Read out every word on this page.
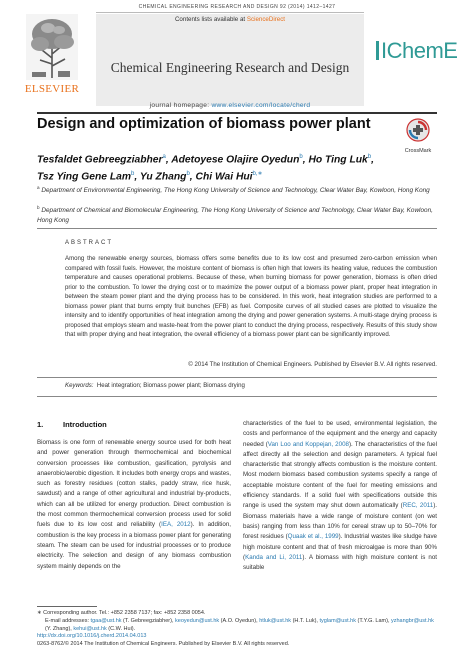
CHEMICAL ENGINEERING RESEARCH AND DESIGN 92 (2014) 1412–1427
ELSEVIER
Contents lists available at ScienceDirect
Chemical Engineering Research and Design
journal homepage: www.elsevier.com/locate/cherd
IChemE
Design and optimization of biomass power plant
CrossMark
Tesfaldet Gebreegziabher$^a$, Adetoyese Olajire Oyedun$^b$, Ho Ting Luk$^b$,
Tsz Ying Gene Lam$^b$, Yu Zhang$^b$, Chi Wai Hui$^{b,∗}$
$^a$ Department of Environmental Engineering, The Hong Kong University of Science and Technology, Clear Water Bay, Kowloon, Hong Kong
$^b$ Department of Chemical and Biomolecular Engineering, The Hong Kong University of Science and Technology, Clear Water Bay, Kowloon, Hong Kong
ABSTRACT
Among the renewable energy sources, biomass offers some benefits due to its low cost and presumed zero-carbon emission when compared with fossil fuels. However, the moisture content of biomass is often high that lowers its heating value, reduces the combustion temperature and causes operational problems. Because of these, when burning biomass for power generation, biomass is often dried prior to the combustion. To lower the drying cost or to maximize the power output of a biomass power plant, proper heat integration in between the steam power plant and the drying process has to be considered. In this work, heat integration studies are performed to a biomass power plant that burns empty fruit bunches (EFB) as fuel. Composite curves of all studied cases are plotted to visualize the intensity and to identify opportunities of heat integration among the drying and power generation systems. A multi-stage drying process is proposed that employs steam and waste-heat from the power plant to conduct the drying process, respectively. Results of this study show that with proper drying and heat integration, the overall efficiency of a biomass power plant can be significantly improved.
© 2014 The Institution of Chemical Engineers. Published by Elsevier B.V. All rights reserved.
Keywords: Heat integration; Biomass power plant; Biomass drying
1.	Introduction
Biomass is one form of renewable energy source used for both heat and power generation through thermochemical and biochemical conversion processes like combustion, gasification, pyrolysis and anaerobic/aerobic digestion. It includes both energy crops and wastes, such as forestry residues (cotton stalks, paddy straw, rice husk, sawdust) and a range of other agricultural and industrial by-products, which can all be utilized for energy production. Direct combustion is the most common thermochemical conversion process used for solid fuels due to its low cost and reliability (IEA, 2012). In addition, combustion is the key process in a biomass power plant for generating steam. The steam can be used for industrial processes or to produce electricity. The selection and design of any biomass combustion system mainly depends on the
characteristics of the fuel to be used, environmental legislation, the costs and performance of the equipment and the energy and capacity needed (Van Loo and Koppejan, 2008). The characteristics of the fuel affect directly all the selection and design parameters. A typical fuel characteristic that strongly affects combustion is the moisture content. Most modern biomass based combustion systems specify a range of acceptable moisture content of the fuel for meeting emissions and efficiency standards. If a solid fuel with specifications outside this range is used the system may shut down automatically (REC, 2011). Biomass materials have a wide range of moisture content (on wet basis) ranging from less than 10% for cereal straw up to 50–70% for forest residues (Quaak et al., 1999). Industrial wastes like sludge have high moisture content and that of fresh microalgae is more than 90% (Kanda and Li, 2011). A biomass with high moisture content is not suitable
∗ Corresponding author. Tel.: +852 2358 7137; fax: +852 2358 0054.
E-mail addresses: tgaa@ust.hk (T. Gebreegziabher), keoyedun@ust.hk (A.O. Oyedun), htluk@ust.hk (H.T. Luk), tyglam@ust.hk (T.Y.G. Lam), yzhangbr@ust.hk (Y. Zhang), kehui@ust.hk (C.W. Hui).
http://dx.doi.org/10.1016/j.cherd.2014.04.013
0263-8762/© 2014 The Institution of Chemical Engineers. Published by Elsevier B.V. All rights reserved.
